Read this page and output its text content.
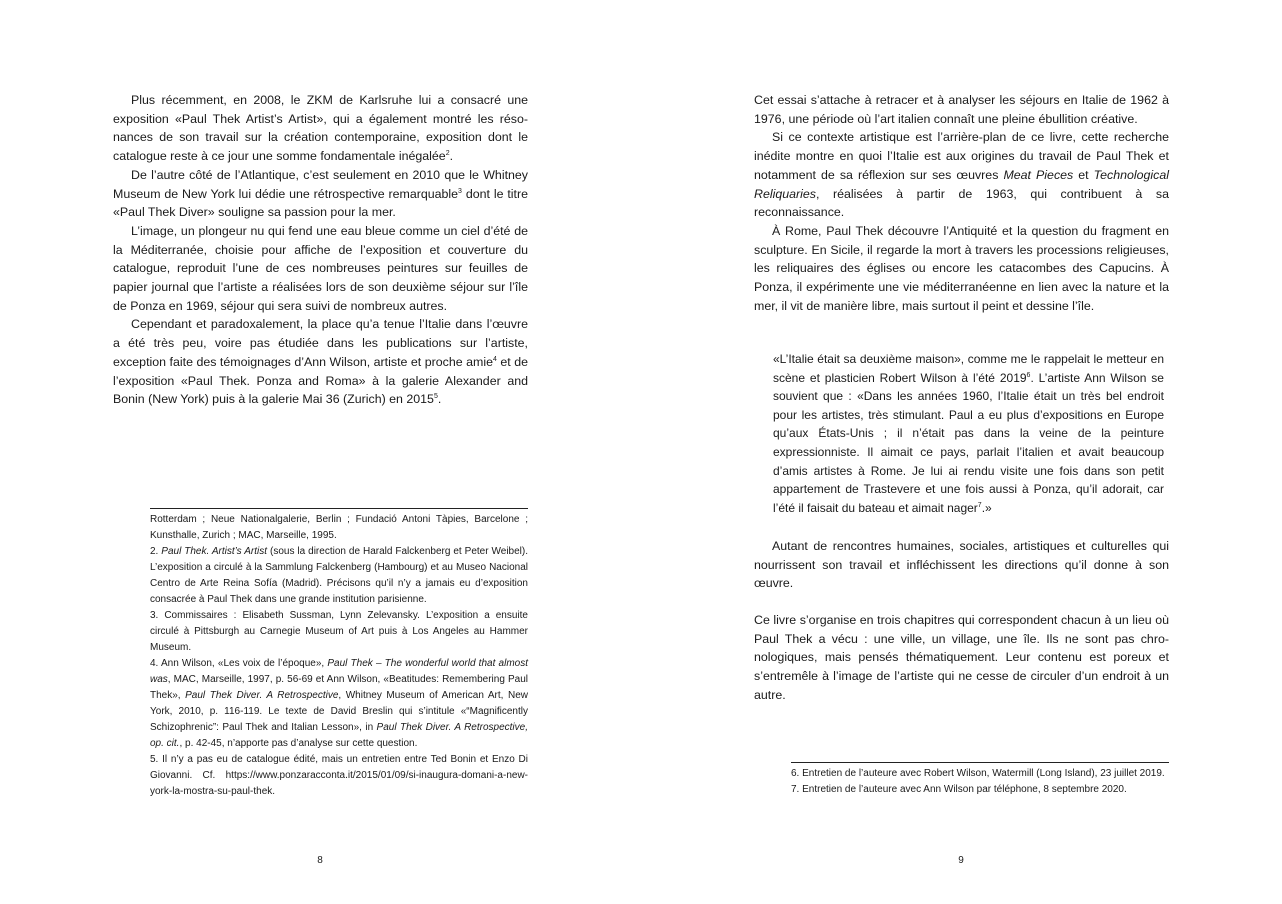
Plus récemment, en 2008, le ZKM de Karlsruhe lui a consacré une exposition «Paul Thek Artist’s Artist», qui a également montré les résonances de son travail sur la création contemporaine, exposition dont le catalogue reste à ce jour une somme fondamentale inégalée$^2$.

De l’autre côté de l’Atlantique, c’est seulement en 2010 que le Whitney Museum de New York lui dédie une rétrospective remarquable$^3$ dont le titre «Paul Thek Diver» souligne sa passion pour la mer.

L’image, un plongeur nu qui fend une eau bleue comme un ciel d’été de la Méditerranée, choisie pour affiche de l’exposition et couverture du catalogue, reproduit l’une de ces nombreuses peintures sur feuilles de papier journal que l’artiste a réalisées lors de son deuxième séjour sur l’île de Ponza en 1969, séjour qui sera suivi de nombreux autres.

Cependant et paradoxalement, la place qu’a tenue l’Italie dans l’œuvre a été très peu, voire pas étudiée dans les publications sur l’artiste, exception faite des témoignages d’Ann Wilson, artiste et proche amie$^4$ et de l’exposition «Paul Thek. Ponza and Roma» à la galerie Alexander and Bonin (New York) puis à la galerie Mai 36 (Zurich) en 2015$^5$.

Rotterdam ; Neue Nationalgalerie, Berlin ; Fundació Antoni Tàpies, Barcelone ; Kunsthalle, Zurich ; MAC, Marseille, 1995.

2. Paul Thek. Artist’s Artist (sous la direction de Harald Falckenberg et Peter Weibel). L’exposition a circulé à la Sammlung Falckenberg (Hambourg) et au Museo Nacional Centro de Arte Reina Sofía (Madrid). Précisons qu’il n’y a jamais eu d’exposition consacrée à Paul Thek dans une grande institution parisienne.

3. Commissaires : Elisabeth Sussman, Lynn Zelevansky. L’exposition a ensuite circulé à Pittsburgh au Carnegie Museum of Art puis à Los Angeles au Hammer Museum.

4. Ann Wilson, «Les voix de l’époque», Paul Thek – The wonderful world that almost was, MAC, Marseille, 1997, p. 56-69 et Ann Wilson, «Beatitudes: Remembering Paul Thek», Paul Thek Diver. A Retrospective, Whitney Museum of American Art, New York, 2010, p. 116-119. Le texte de David Breslin qui s’intitule «“Magnificently Schizophrenic”: Paul Thek and Italian Lesson», in Paul Thek Diver. A Retrospective, op. cit., p. 42-45, n’apporte pas d’analyse sur cette question.

5. Il n’y a pas eu de catalogue édité, mais un entretien entre Ted Bonin et Enzo Di Giovanni. Cf. https://www.ponzaracconta.it/2015/01/09/si-inaugura-domani-a-new-york-la-mostra-su-paul-thek.

8

Cet essai s’attache à retracer et à analyser les séjours en Italie de 1962 à 1976, une période où l’art italien connaît une pleine ébullition créative.

Si ce contexte artistique est l’arrière-plan de ce livre, cette recherche inédite montre en quoi l’Italie est aux origines du travail de Paul Thek et notamment de sa réflexion sur ses œuvres Meat Pieces et Technological Reliquaries, réalisées à partir de 1963, qui contribuent à sa reconnaissance.

À Rome, Paul Thek découvre l’Antiquité et la question du fragment en sculpture. En Sicile, il regarde la mort à travers les processions religieuses, les reliquaires des églises ou encore les catacombes des Capucins. À Ponza, il expérimente une vie méditerranéenne en lien avec la nature et la mer, il vit de manière libre, mais surtout il peint et dessine l’île.

«L’Italie était sa deuxième maison», comme me le rappelait le metteur en scène et plasticien Robert Wilson à l’été 2019$^6$. L’artiste Ann Wilson se souvient que : «Dans les années 1960, l’Italie était un très bel endroit pour les artistes, très stimulant. Paul a eu plus d’expositions en Europe qu’aux États-Unis ; il n’était pas dans la veine de la peinture expressionniste. Il aimait ce pays, parlait l’italien et avait beaucoup d’amis artistes à Rome. Je lui ai rendu visite une fois dans son petit appartement de Trastevere et une fois aussi à Ponza, qu’il adorait, car l’été il faisait du bateau et aimait nager$^7$.»

Autant de rencontres humaines, sociales, artistiques et culturelles qui nourrissent son travail et infléchissent les directions qu’il donne à son œuvre.

Ce livre s’organise en trois chapitres qui correspondent chacun à un lieu où Paul Thek a vécu : une ville, un village, une île. Ils ne sont pas chronologiques, mais pensés thématiquement. Leur contenu est poreux et s’entremêle à l’image de l’artiste qui ne cesse de circuler d’un endroit à un autre.

6. Entretien de l’auteure avec Robert Wilson, Watermill (Long Island), 23 juillet 2019.

7. Entretien de l’auteure avec Ann Wilson par téléphone, 8 septembre 2020.

9
